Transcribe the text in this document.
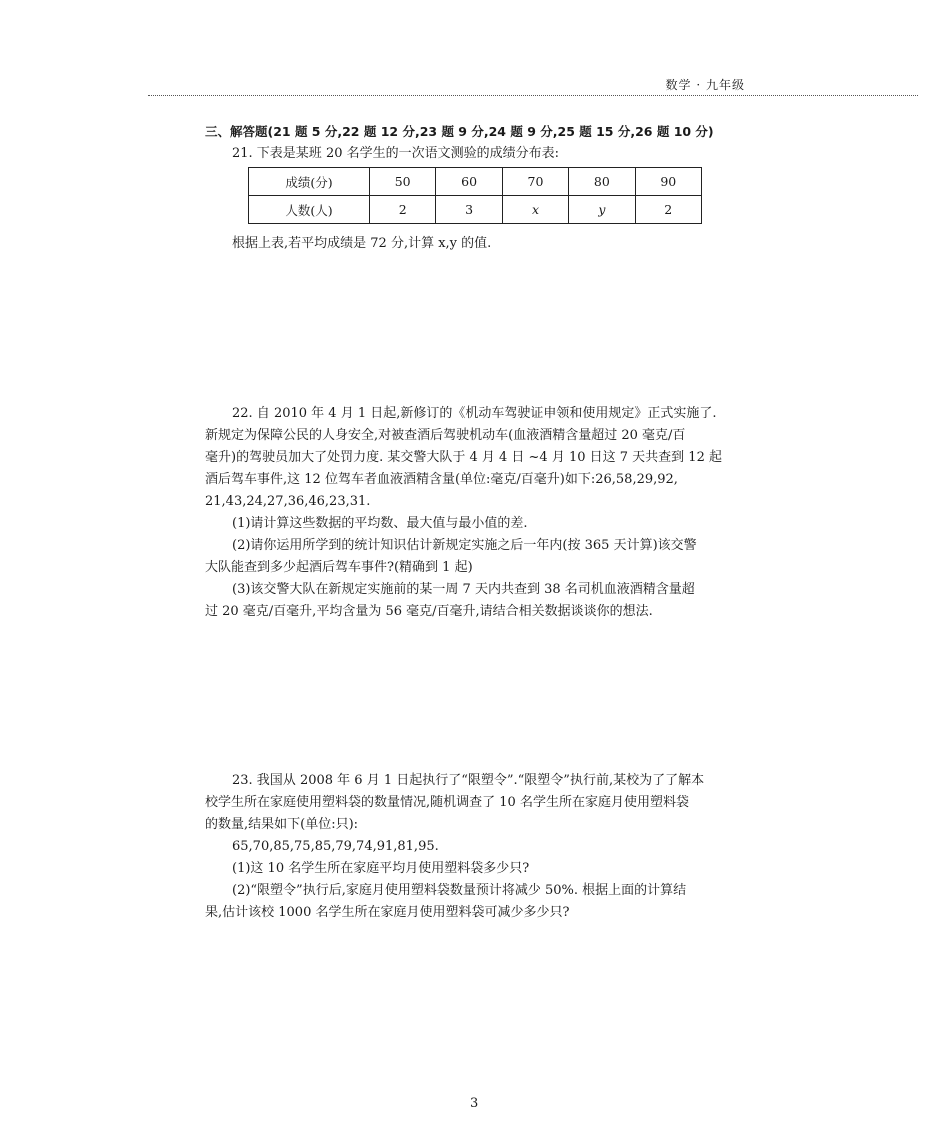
数学 · 九年级
三、解答题(21 题 5 分,22 题 12 分,23 题 9 分,24 题 9 分,25 题 15 分,26 题 10 分)
21. 下表是某班 20 名学生的一次语文测验的成绩分布表:
成绩(分)	50	60	70	80	90
人数(人)	2	3	x	y	2
根据上表,若平均成绩是 72 分,计算 x,y 的值.
22. 自 2010 年 4 月 1 日起,新修订的《机动车驾驶证申领和使用规定》正式实施了.
新规定为保障公民的人身安全,对被查酒后驾驶机动车(血液酒精含量超过 20 毫克/百
毫升)的驾驶员加大了处罚力度. 某交警大队于 4 月 4 日 ~4 月 10 日这 7 天共查到 12 起
酒后驾车事件,这 12 位驾车者血液酒精含量(单位:毫克/百毫升)如下:26,58,29,92,
21,43,24,27,36,46,23,31.
(1)请计算这些数据的平均数、最大值与最小值的差.
(2)请你运用所学到的统计知识估计新规定实施之后一年内(按 365 天计算)该交警
大队能查到多少起酒后驾车事件?(精确到 1 起)
(3)该交警大队在新规定实施前的某一周 7 天内共查到 38 名司机血液酒精含量超
过 20 毫克/百毫升,平均含量为 56 毫克/百毫升,请结合相关数据谈谈你的想法.
23. 我国从 2008 年 6 月 1 日起执行了“限塑令”.“限塑令”执行前,某校为了了解本
校学生所在家庭使用塑料袋的数量情况,随机调查了 10 名学生所在家庭月使用塑料袋
的数量,结果如下(单位:只):
65,70,85,75,85,79,74,91,81,95.
(1)这 10 名学生所在家庭平均月使用塑料袋多少只?
(2)“限塑令”执行后,家庭月使用塑料袋数量预计将减少 50%. 根据上面的计算结
果,估计该校 1000 名学生所在家庭月使用塑料袋可减少多少只?
3
